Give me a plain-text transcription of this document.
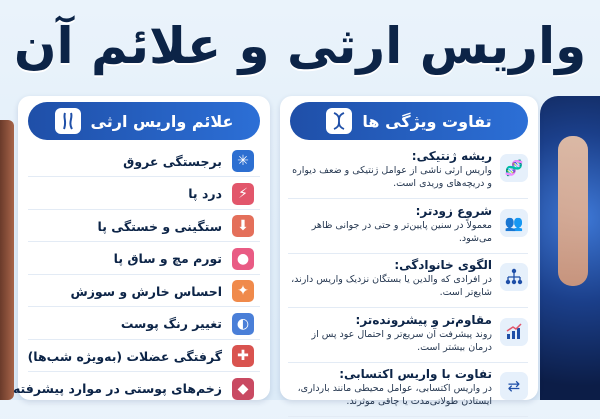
واریس ارثی و علائم آن
علائم واریس ارثی
✳
برجستگی عروق
⚡
درد پا
⬇
ستگینی و خستگی پا
●
تورم مچ و ساق پا
✦
احساس خارش و سوزش
◐
تغییر رنگ پوست
✚
گرفتگی عضلات (به‌ویژه شب‌ها)
◆
زخم‌های پوستی در موارد پیشرفته
تفاوت ویژگی ها
🧬
ریشه ژنتیکی:
واریس ارثی ناشی از عوامل ژنتیکی و ضعف دیواره و دریچه‌های وریدی است.
👥
شروع زودتر:
معمولاً در سنین پایین‌تر و حتی در جوانی ظاهر می‌شود.
الگوی خانوادگی:
در افرادی که والدین یا بستگان نزدیک واریس دارند، شایع‌تر است.
مقاوم‌تر و پیشرونده‌تر:
روند پیشرفت آن سریع‌تر و احتمال عود پس از درمان بیشتر است.
⇄
تفاوت با واریس اکتسابی:
در واریس اکتسابی، عوامل محیطی مانند بارداری، ایستادن طولانی‌مدت یا چاقی موثرند.
